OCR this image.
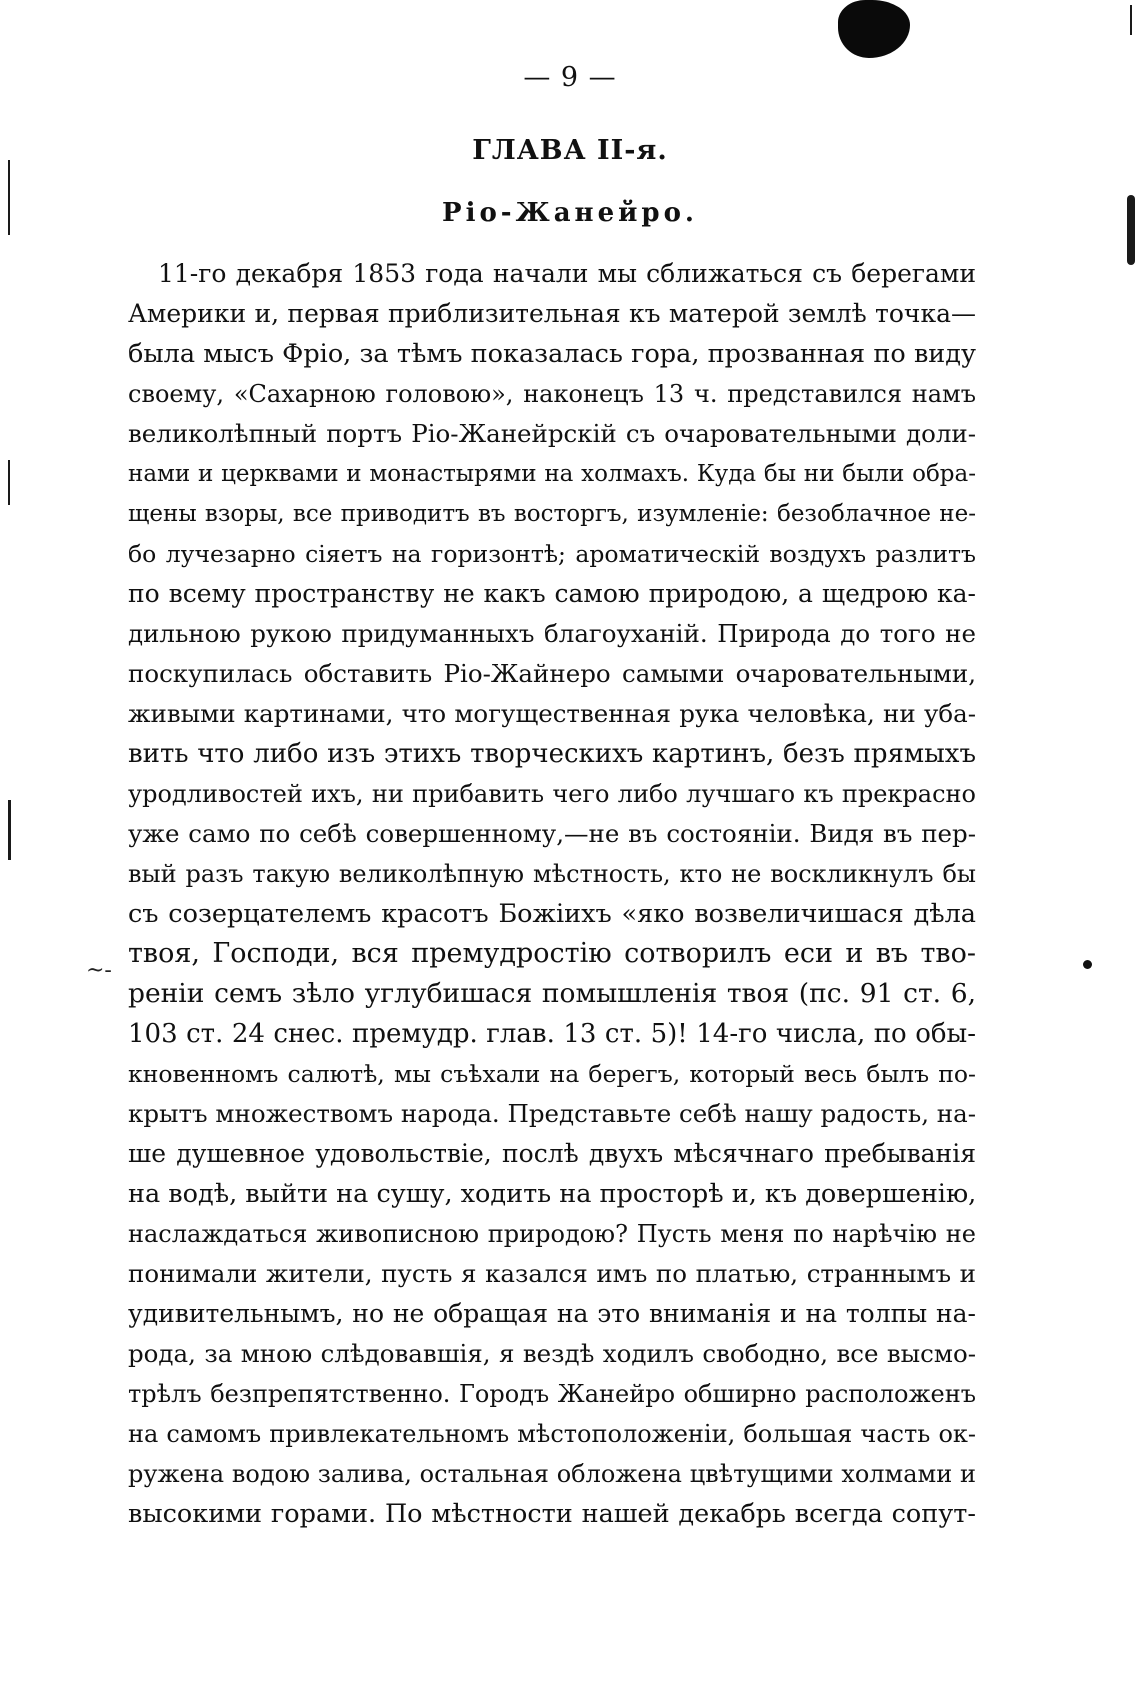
~-
— 9 —
ГЛАВА II-я.
Ріо-Жанейро.
11-го декабря 1853 года начали мы сближаться съ берегами
Америки и, первая приблизительная къ матерой землѣ точка—
была мысъ Фріо, за тѣмъ показалась гора, прозванная по виду
своему, «Сахарною головою», наконецъ 13 ч. представился намъ
великолѣпный портъ Ріо-Жанейрскій съ очаровательными доли-
нами и церквами и монастырями на холмахъ. Куда бы ни были обра-
щены взоры, все приводитъ въ восторгъ, изумленіе: безоблачное не-
бо лучезарно сіяетъ на горизонтѣ; ароматическій воздухъ разлитъ
по всему пространству не какъ самою природою, а щедрою ка-
дильною рукою придуманныхъ благоуханій. Природа до того не
поскупилась обставить Ріо-Жайнеро самыми очаровательными,
живыми картинами, что могущественная рука человѣка, ни убa-
вить что либо изъ этихъ творческихъ картинъ, безъ прямыхъ
уродливостей ихъ, ни прибавить чего либо лучшаго къ прекрасно
уже само по себѣ совершенному,—не въ состояніи. Видя въ пер-
вый разъ такую великолѣпную мѣстность, кто не воскликнулъ бы
съ созерцателемъ красотъ Божіихъ «яко возвеличишася дѣла
твоя, Господи, вся премудростію сотворилъ еси и въ тво-
реніи семъ зѣло углубишася помышленія твоя (пс. 91 ст. 6,
103 ст. 24 снес. премудр. глав. 13 ст. 5)! 14-го числа, по обы-
кновенномъ салютѣ, мы съѣхали на берегъ, который весь былъ по-
крытъ множествомъ народа. Представьте себѣ нашу радость, на-
ше душевное удовольствіе, послѣ двухъ мѣсячнаго пребыванія
на водѣ, выйти на сушу, ходить на просторѣ и, къ довершенію,
наслаждаться живописною природою? Пусть меня по нарѣчію не
понимали жители, пусть я казался имъ по платью, страннымъ и
удивительнымъ, но не обращая на это вниманія и на толпы на-
рода, за мною слѣдовавшія, я вездѣ ходилъ свободно, все высмо-
трѣлъ безпрепятственно. Городъ Жанейро обширно расположенъ
на самомъ привлекательномъ мѣстоположеніи, большая часть ок-
ружена водою залива, остальная обложена цвѣтущими холмами и
высокими горами. По мѣстности нашей декабрь всегда сопут-
